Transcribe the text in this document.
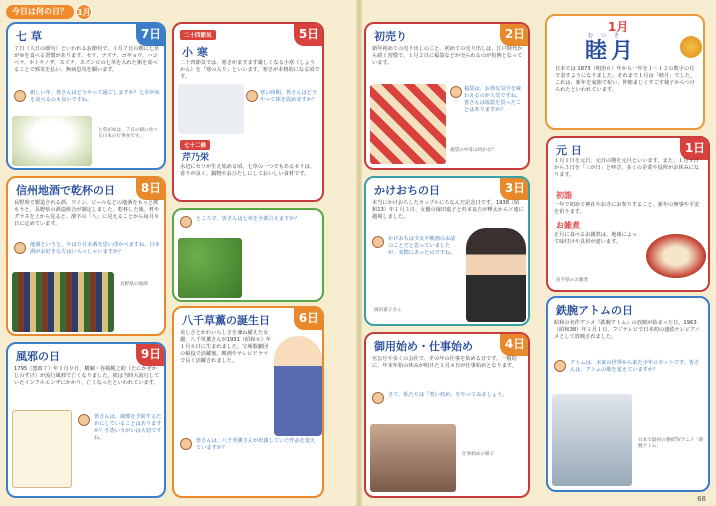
今日は何の日？	1月
七 草	7日
７日（人日の節句）といわれるお節句で、１月７日の朝に七草がゆを食べる習慣があります。セリ、ナズナ、ゴギョウ、ハコベラ、ホトケノザ、スズナ、スズシロの七草を入れた粥を食べることで邪気を払い、無病息災を願います。
新しい年、皆さんはどうやって過ごしますか？七草がゆを食べるのも良いですね。
七草がゆは、７日の朝に食べる日本の行事食です。
信州地酒で乾杯の日	8日
長野県で製造される酒、ワイン、ビールなどの地酒をもっと飲もうと、長野県の酒造組合が制定しました。乾杯した後、杯やグラスを上から見ると、漢字の「八」に見えることから毎月８日に定めています。
地酒というと、やはり日本酒を思い浮かべますね。日本酒がお好きな方はいらっしゃいますか？
長野県の地酒
風邪の日	9日
1795（寛政７）年１月９日、横綱・谷風梶之助（たにかぜかじのすけ）が流行風邪で亡くなりました。彼は当時大流行していたインフルエンザにかかり、亡くなったといわれています。
皆さんは、風邪を予防するためにしていることはありますか？手洗いうがいは大切ですね。
二十四節気
小 寒
5日
二十四節気では、寒さがますます厳しくなる小寒（しょうかん）を「寒の入り」といいます。寒さが本格的になる頃です。
寒い時期、皆さんはどうやって体を温めますか？
七十二候
芹乃栄
水辺にセリが生え始める頃。七草の一つでもあるセリは、香りが良く、鍋物やおひたしにしておいしい食材です。
ところで、皆さんは七草を全部言えますか？
八千草薫の誕生日	6日
美しさとかわいらしさを兼ね備えた女優、八千草薫さんが1931（昭和６）年１月６日に生まれました。宝塚歌劇団の娘役で活躍後、映画やテレビドラマで長く活躍されました。
皆さんは、八千草薫さんが出演していた作品を覚えていますか？
初売り	2日
新年初めての売り出しのこと。初めての売り出しは、江戸時代から続く習慣で、１月２日に福袋などが売られるのが恒例となっています。
福袋は、お得な気分を味わえるのが人気ですね。皆さんは福袋を買ったことはありますか？
福袋の中身は何かな？
かけおちの日	3日
本当にかけおちしたカップルにちなんだ記念日です。1938（昭和13）年１月３日、女優の岡田嘉子と杉本良吉が樺太からソ連に越境しました。
かけおちは少女や映画のお話のことだと思っていましたが、実際にあったのですね。
岡田嘉子さん
御用始め・仕事始め	4日
官公庁や多くの会社で、その年の仕事を始める日です。一般的に、年末年始の休みが明けた１月４日が仕事始めとなります。
さて、私たちは「笑い初め」をやってみましょう。
仕事始めの様子
1月
むつき
睦月
日本では 1873（明治６）年から一年を１～１２の数字の月で表すようになりました。それまで１月は「睦月」でした。これは、新年を家族で祝い、仲睦まじくすごす様子からつけられたといわれています。
元 日	1日
１月１日を元日、元日の朝を元旦といいます。また、１月１日から３日を「三が日」と呼び、多くの企業や役所がお休みになります。
初詣
一年で初めて神社やお寺にお参りすること。新年の無事や平安を祈ります。
お雑煮
正月に食べるお雑煮は、地域によって味付けや具材が違います。
岩手県のお雑煮
鉄腕アトムの日
昭和の名作アニメ『鉄腕アトム』の放映が始まった日。1963（昭和38）年１月１日、フジテレビで日本初の連続テレビアニメとして放映されました。
アトムは、未来の世界から来た少年ロボットです。皆さんは、アトムの歌を覚えていますか？
日本で最初の連続TVアニメ「鉄腕アトム」
68
